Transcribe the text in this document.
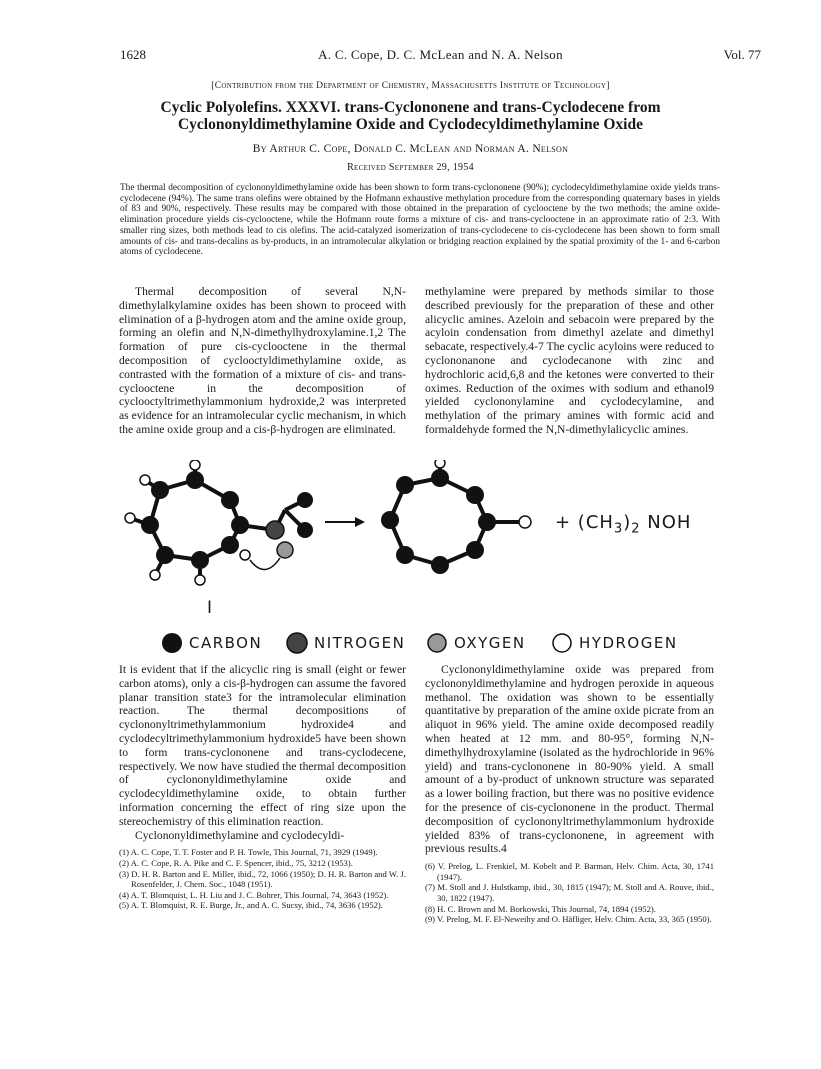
1628	A. C. Cope, D. C. McLean and N. A. Nelson	Vol. 77
[Contribution from the Department of Chemistry, Massachusetts Institute of Technology]
Cyclic Polyolefins. XXXVI. trans-Cyclononene and trans-Cyclodecene from
Cyclononyldimethylamine Oxide and Cyclodecyldimethylamine Oxide
By Arthur C. Cope, Donald C. McLean and Norman A. Nelson
Received September 29, 1954
The thermal decomposition of cyclononyldimethylamine oxide has been shown to form trans-cyclononene (90%); cyclodecyldimethylamine oxide yields trans-cyclodecene (94%). The same trans olefins were obtained by the Hofmann exhaustive methylation procedure from the corresponding quaternary bases in yields of 83 and 90%, respectively. These results may be compared with those obtained in the preparation of cyclooctene by the two methods; the amine oxide-elimination procedure yields cis-cyclooctene, while the Hofmann route forms a mixture of cis- and trans-cyclooctene in an approximate ratio of 2:3. With smaller ring sizes, both methods lead to cis olefins. The acid-catalyzed isomerization of trans-cyclodecene to cis-cyclodecene has been shown to form small amounts of cis- and trans-decalins as by-products, in an intramolecular alkylation or bridging reaction explained by the spatial proximity of the 1- and 6-carbon atoms of cyclodecene.

Thermal decomposition of several N,N-dimethylalkylamine oxides has been shown to proceed with elimination of a β-hydrogen atom and the amine oxide group, forming an olefin and N,N-dimethylhydroxylamine.1,2 The formation of pure cis-cyclooctene in the thermal decomposition of cyclooctyldimethylamine oxide, as contrasted with the formation of a mixture of cis- and trans-cyclooctene in the decomposition of cyclooctyltrimethylammonium hydroxide,2 was interpreted as evidence for an intramolecular cyclic mechanism, in which the amine oxide group and a cis-β-hydrogen are eliminated.

methylamine were prepared by methods similar to those described previously for the preparation of these and other alicyclic amines. Azeloin and sebacoin were prepared by the acyloin condensation from dimethyl azelate and dimethyl sebacate, respectively.4-7 The cyclic acyloins were reduced to cyclononanone and cyclodecanone with zinc and hydrochloric acid,6,8 and the ketones were converted to their oximes. Reduction of the oximes with sodium and ethanol9 yielded cyclononylamine and cyclodecylamine, and methylation of the primary amines with formic acid and formaldehyde formed the N,N-dimethylalicyclic amines.

+ $(CH_3)_2$ NOH
I
CARBON	NITROGEN	OXYGEN	HYDROGEN

It is evident that if the alicyclic ring is small (eight or fewer carbon atoms), only a cis-β-hydrogen can assume the favored planar transition state3 for the intramolecular elimination reaction. The thermal decompositions of cyclononyltrimethylammonium hydroxide4 and cyclodecyltrimethylammonium hydroxide5 have been shown to form trans-cyclononene and trans-cyclodecene, respectively. We now have studied the thermal decomposition of cyclononyldimethylamine oxide and cyclodecyldimethylamine oxide, to obtain further information concerning the effect of ring size upon the stereochemistry of this elimination reaction.

Cyclononyldimethylamine and cyclodecyldi-

(1) A. C. Cope, T. T. Foster and P. H. Towle, This Journal, 71, 3929 (1949).
(2) A. C. Cope, R. A. Pike and C. F. Spencer, ibid., 75, 3212 (1953).
(3) D. H. R. Barton and E. Miller, ibid., 72, 1066 (1950); D. H. R. Barton and W. J. Rosenfelder, J. Chem. Soc., 1048 (1951).
(4) A. T. Blomquist, L. H. Liu and J. C. Bohrer, This Journal, 74, 3643 (1952).
(5) A. T. Blomquist, R. E. Burge, Jr., and A. C. Sucsy, ibid., 74, 3636 (1952).

Cyclononyldimethylamine oxide was prepared from cyclononyldimethylamine and hydrogen peroxide in aqueous methanol. The oxidation was shown to be essentially quantitative by preparation of the amine oxide picrate from an aliquot in 96% yield. The amine oxide decomposed readily when heated at 12 mm. and 80-95°, forming N,N-dimethylhydroxylamine (isolated as the hydrochloride in 96% yield) and trans-cyclononene in 80-90% yield. A small amount of a by-product of unknown structure was separated as a lower boiling fraction, but there was no positive evidence for the presence of cis-cyclononene in the product. Thermal decomposition of cyclononyltrimethylammonium hydroxide yielded 83% of trans-cyclononene, in agreement with previous results.4

(6) V. Prelog, L. Frenkiel, M. Kobelt and P. Barman, Helv. Chim. Acta, 30, 1741 (1947).
(7) M. Stoll and J. Hulstkamp, ibid., 30, 1815 (1947); M. Stoll and A. Rouve, ibid., 30, 1822 (1947).
(8) H. C. Brown and M. Borkowski, This Journal, 74, 1894 (1952).
(9) V. Prelog, M. F. El-Neweihy and O. Häfliger, Helv. Chim. Acta, 33, 365 (1950).
